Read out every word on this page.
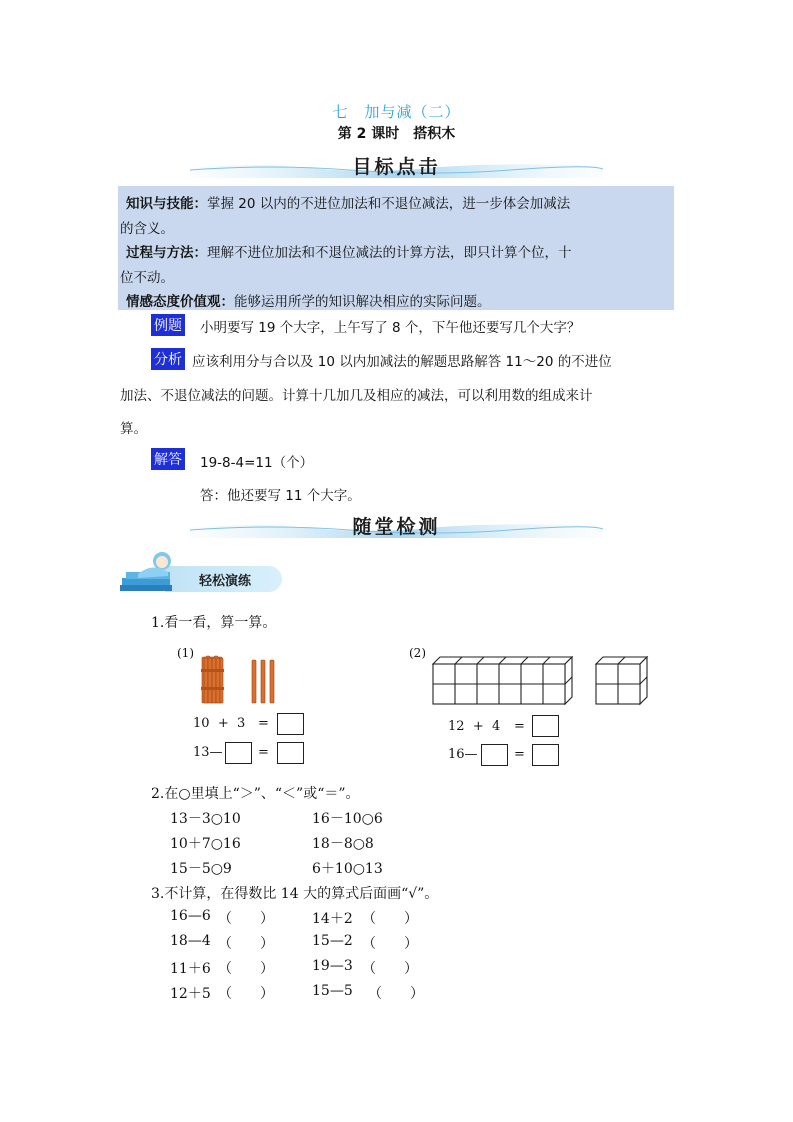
七　加与减（二）
第 2 课时　搭积木
目标点击
知识与技能：掌握 20 以内的不进位加法和不退位减法，进一步体会加减法
的含义。
过程与方法：理解不进位加法和不退位减法的计算方法，即只计算个位，十
位不动。
情感态度价值观：能够运用所学的知识解决相应的实际问题。
例题 小明要写 19 个大字，上午写了 8 个，下午他还要写几个大字？
分析 应该利用分与合以及 10 以内加减法的解题思路解答 11～20 的不进位
加法、不退位减法的问题。计算十几加几及相应的减法，可以利用数的组成来计
算。
解答 19-8-4=11（个）
答：他还要写 11 个大字。
随堂检测
轻松演练
1.看一看，算一算。
(1)
10 + 3 =
13—	=
(2)
12 + 4 =
16—	=
2.在○里填上“＞”、“＜”或“＝”。
13－3○10	16－10○6
10＋7○16	18－8○8
15－5○9	6＋10○13
3.不计算，在得数比 14 大的算式后面画“√”。
16—6 （　　）	14＋2 （　　）
18—4 （　　）	15—2 （　　）
11＋6 （　　）	19—3 （　　）
12＋5 （　　）	15—5 （　　）
